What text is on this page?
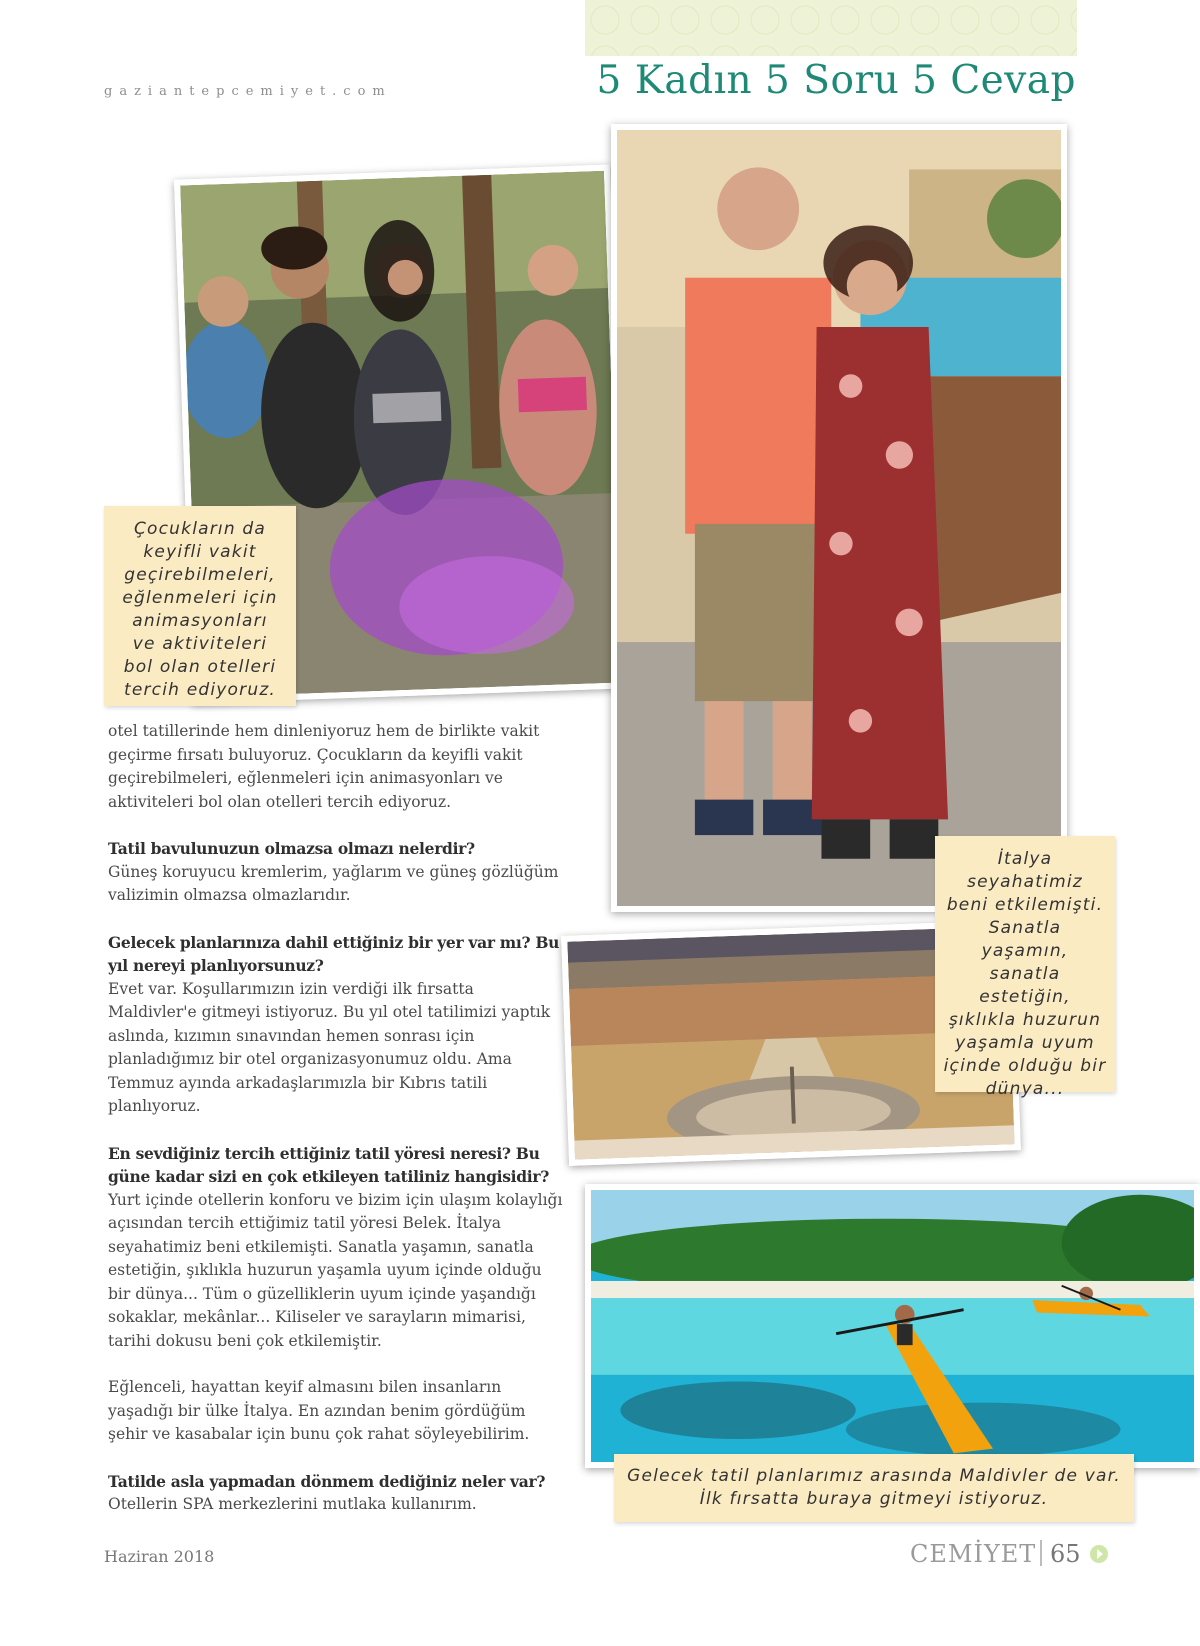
gaziantepcemiyet.com	5 Kadın 5 Soru 5 Cevap
Çocukların da
keyifli vakit
geçirebilmeleri,
eğlenmeleri için
animasyonları
ve aktiviteleri
bol olan otelleri
tercih ediyoruz.
İtalya
seyahatimiz
beni etkilemişti.
Sanatla
yaşamın, sanatla
estetiğin,
şıklıkla huzurun
yaşamla uyum
içinde olduğu bir
dünya...
Gelecek tatil planlarımız arasında Maldivler de var.
İlk fırsatta buraya gitmeyi istiyoruz.

otel tatillerinde hem dinleniyoruz hem de birlikte vakit geçirme fırsatı buluyoruz. Çocukların da keyifli vakit geçirebilmeleri, eğlenmeleri için animasyonları ve aktiviteleri bol olan otelleri tercih ediyoruz.

Tatil bavulunuzun olmazsa olmazı nelerdir?
Güneş koruyucu kremlerim, yağlarım ve güneş gözlüğüm valizimin olmazsa olmazlarıdır.

Gelecek planlarınıza dahil ettiğiniz bir yer var mı? Bu yıl nereyi planlıyorsunuz?
Evet var. Koşullarımızın izin verdiği ilk fırsatta Maldivler'e gitmeyi istiyoruz. Bu yıl otel tatilimizi yaptık aslında, kızımın sınavından hemen sonrası için planladığımız bir otel organizasyonumuz oldu. Ama Temmuz ayında arkadaşlarımızla bir Kıbrıs tatili planlıyoruz.

En sevdiğiniz tercih ettiğiniz tatil yöresi neresi? Bu güne kadar sizi en çok etkileyen tatiliniz hangisidir?
Yurt içinde otellerin konforu ve bizim için ulaşım kolaylığı açısından tercih ettiğimiz tatil yöresi Belek. İtalya seyahatimiz beni etkilemişti. Sanatla yaşamın, sanatla estetiğin, şıklıkla huzurun yaşamla uyum içinde olduğu bir dünya... Tüm o güzelliklerin uyum içinde yaşandığı sokaklar, mekânlar... Kiliseler ve sarayların mimarisi, tarihi dokusu beni çok etkilemiştir.

Eğlenceli, hayattan keyif almasını bilen insanların yaşadığı bir ülke İtalya. En azından benim gördüğüm şehir ve kasabalar için bunu çok rahat söyleyebilirim.

Tatilde asla yapmadan dönmem dediğiniz neler var?
Otellerin SPA merkezlerini mutlaka kullanırım.

Haziran 2018	CEMİYET 65
